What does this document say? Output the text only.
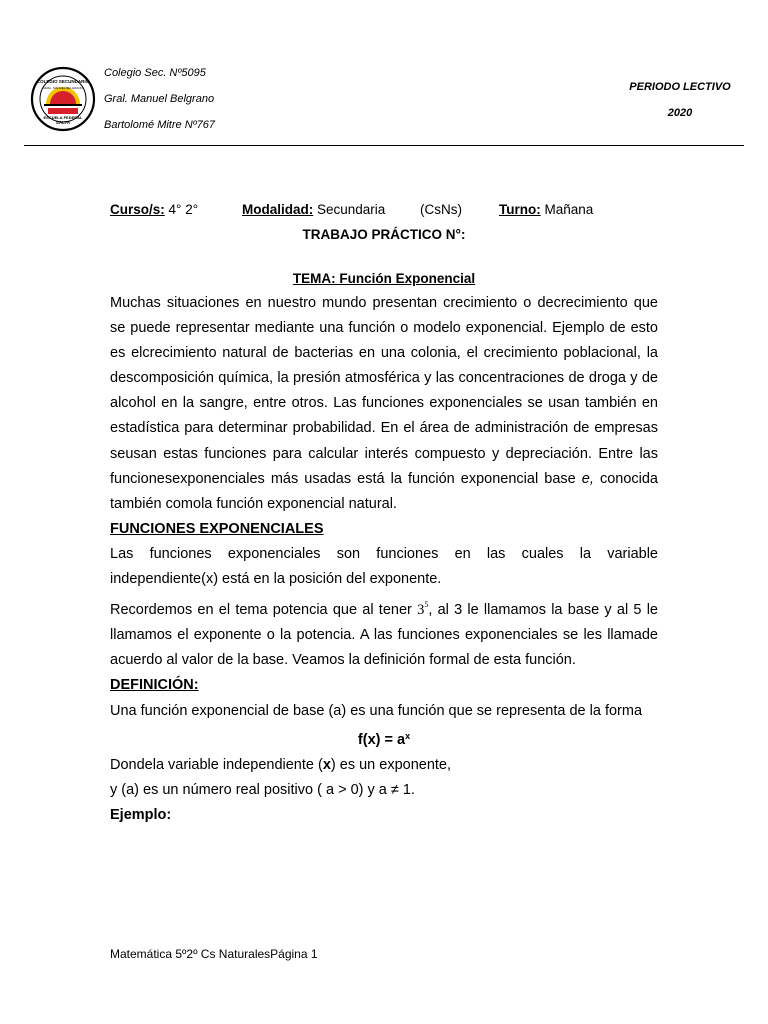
COLEGIO SECUNDARIO
GRAL. MANUEL BELGRANO
ESCUELA FEDERAL
SALTA
Colegio Sec. Nº5095
Gral. Manuel Belgrano
Bartolomé Mitre Nº767
PERIODO LECTIVO
2020
Curso/s: 4° 2°	Modalidad: Secundaria	(CsNs)	Turno: Mañana
TRABAJO PRÁCTICO N°:
TEMA: Función Exponencial

Muchas situaciones en nuestro mundo presentan crecimiento o decrecimiento que se puede representar mediante una función o modelo exponencial. Ejemplo de esto es elcrecimiento natural de bacterias en una colonia, el crecimiento poblacional, la descomposición química, la presión atmosférica y las concentraciones de droga y de alcohol en la sangre, entre otros. Las funciones exponenciales se usan también en estadística para determinar probabilidad. En el área de administración de empresas seusan estas funciones para calcular interés compuesto y depreciación. Entre las funcionesexponenciales más usadas está la función exponencial base e, conocida también comola función exponencial natural.

FUNCIONES EXPONENCIALES

Las funciones exponenciales son funciones en las cuales la variable independiente(x) está en la posición del exponente.

Recordemos en el tema potencia que al tener $3^5$, al 3 le llamamos la base y al 5 le llamamos el exponente o la potencia. A las funciones exponenciales se les llamade acuerdo al valor de la base. Veamos la definición formal de esta función.

DEFINICIÓN:

Una función exponencial de base (a) es una función que se representa de la forma

$f(x) = a^x$

Dondela variable independiente (x) es un exponente,

y (a) es un número real positivo ( a > 0) y a ≠ 1.

Ejemplo:

Matemática 5º2º Cs NaturalesPágina 1
